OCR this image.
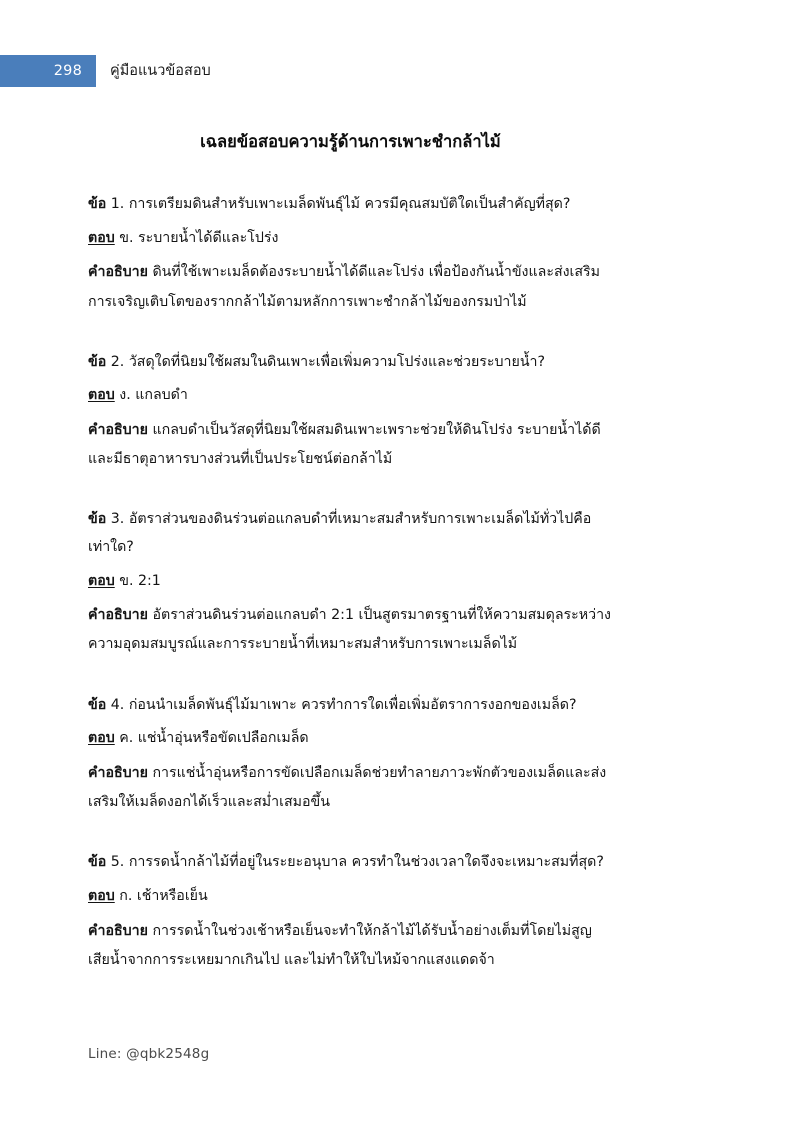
298	คู่มือแนวข้อสอบ
เฉลยข้อสอบความรู้ด้านการเพาะชำกล้าไม้

ข้อ 1. การเตรียมดินสำหรับเพาะเมล็ดพันธุ์ไม้ ควรมีคุณสมบัติใดเป็นสำคัญที่สุด?

ตอบ ข. ระบายน้ำได้ดีและโปร่ง

คำอธิบาย ดินที่ใช้เพาะเมล็ดต้องระบายน้ำได้ดีและโปร่ง เพื่อป้องกันน้ำขังและส่งเสริมการเจริญเติบโตของรากกล้าไม้ตามหลักการเพาะชำกล้าไม้ของกรมป่าไม้

ข้อ 2. วัสดุใดที่นิยมใช้ผสมในดินเพาะเพื่อเพิ่มความโปร่งและช่วยระบายน้ำ?

ตอบ ง. แกลบดำ

คำอธิบาย แกลบดำเป็นวัสดุที่นิยมใช้ผสมดินเพาะเพราะช่วยให้ดินโปร่ง ระบายน้ำได้ดี และมีธาตุอาหารบางส่วนที่เป็นประโยชน์ต่อกล้าไม้

ข้อ 3. อัตราส่วนของดินร่วนต่อแกลบดำที่เหมาะสมสำหรับการเพาะเมล็ดไม้ทั่วไปคือเท่าใด?

ตอบ ข. 2:1

คำอธิบาย อัตราส่วนดินร่วนต่อแกลบดำ 2:1 เป็นสูตรมาตรฐานที่ให้ความสมดุลระหว่างความอุดมสมบูรณ์และการระบายน้ำที่เหมาะสมสำหรับการเพาะเมล็ดไม้

ข้อ 4. ก่อนนำเมล็ดพันธุ์ไม้มาเพาะ ควรทำการใดเพื่อเพิ่มอัตราการงอกของเมล็ด?

ตอบ ค. แช่น้ำอุ่นหรือขัดเปลือกเมล็ด

คำอธิบาย การแช่น้ำอุ่นหรือการขัดเปลือกเมล็ดช่วยทำลายภาวะพักตัวของเมล็ดและส่งเสริมให้เมล็ดงอกได้เร็วและสม่ำเสมอขึ้น

ข้อ 5. การรดน้ำกล้าไม้ที่อยู่ในระยะอนุบาล ควรทำในช่วงเวลาใดจึงจะเหมาะสมที่สุด?

ตอบ ก. เช้าหรือเย็น

คำอธิบาย การรดน้ำในช่วงเช้าหรือเย็นจะทำให้กล้าไม้ได้รับน้ำอย่างเต็มที่โดยไม่สูญเสียน้ำจากการระเหยมากเกินไป และไม่ทำให้ใบไหม้จากแสงแดดจ้า

Line: @qbk2548g
